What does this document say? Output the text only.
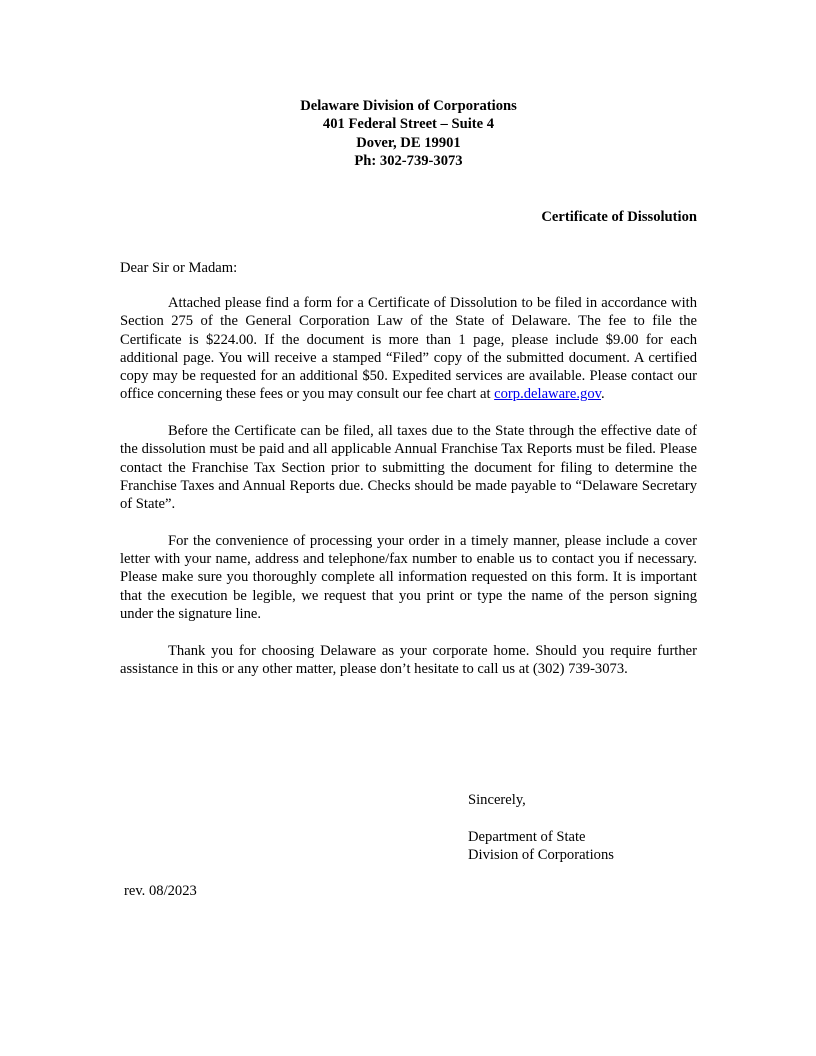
Delaware Division of Corporations
401 Federal Street – Suite 4
Dover, DE 19901
Ph: 302-739-3073
Certificate of Dissolution
Dear Sir or Madam:

Attached please find a form for a Certificate of Dissolution to be filed in accordance with Section 275 of the General Corporation Law of the State of Delaware. The fee to file the Certificate is $224.00. If the document is more than 1 page, please include $9.00 for each additional page. You will receive a stamped “Filed” copy of the submitted document. A certified copy may be requested for an additional $50. Expedited services are available. Please contact our office concerning these fees or you may consult our fee chart at corp.delaware.gov.

Before the Certificate can be filed, all taxes due to the State through the effective date of the dissolution must be paid and all applicable Annual Franchise Tax Reports must be filed. Please contact the Franchise Tax Section prior to submitting the document for filing to determine the Franchise Taxes and Annual Reports due. Checks should be made payable to “Delaware Secretary of State”.

For the convenience of processing your order in a timely manner, please include a cover letter with your name, address and telephone/fax number to enable us to contact you if necessary. Please make sure you thoroughly complete all information requested on this form. It is important that the execution be legible, we request that you print or type the name of the person signing under the signature line.

Thank you for choosing Delaware as your corporate home. Should you require further assistance in this or any other matter, please don’t hesitate to call us at (302) 739-3073.

Sincerely,
Department of State
Division of Corporations
rev. 08/2023
